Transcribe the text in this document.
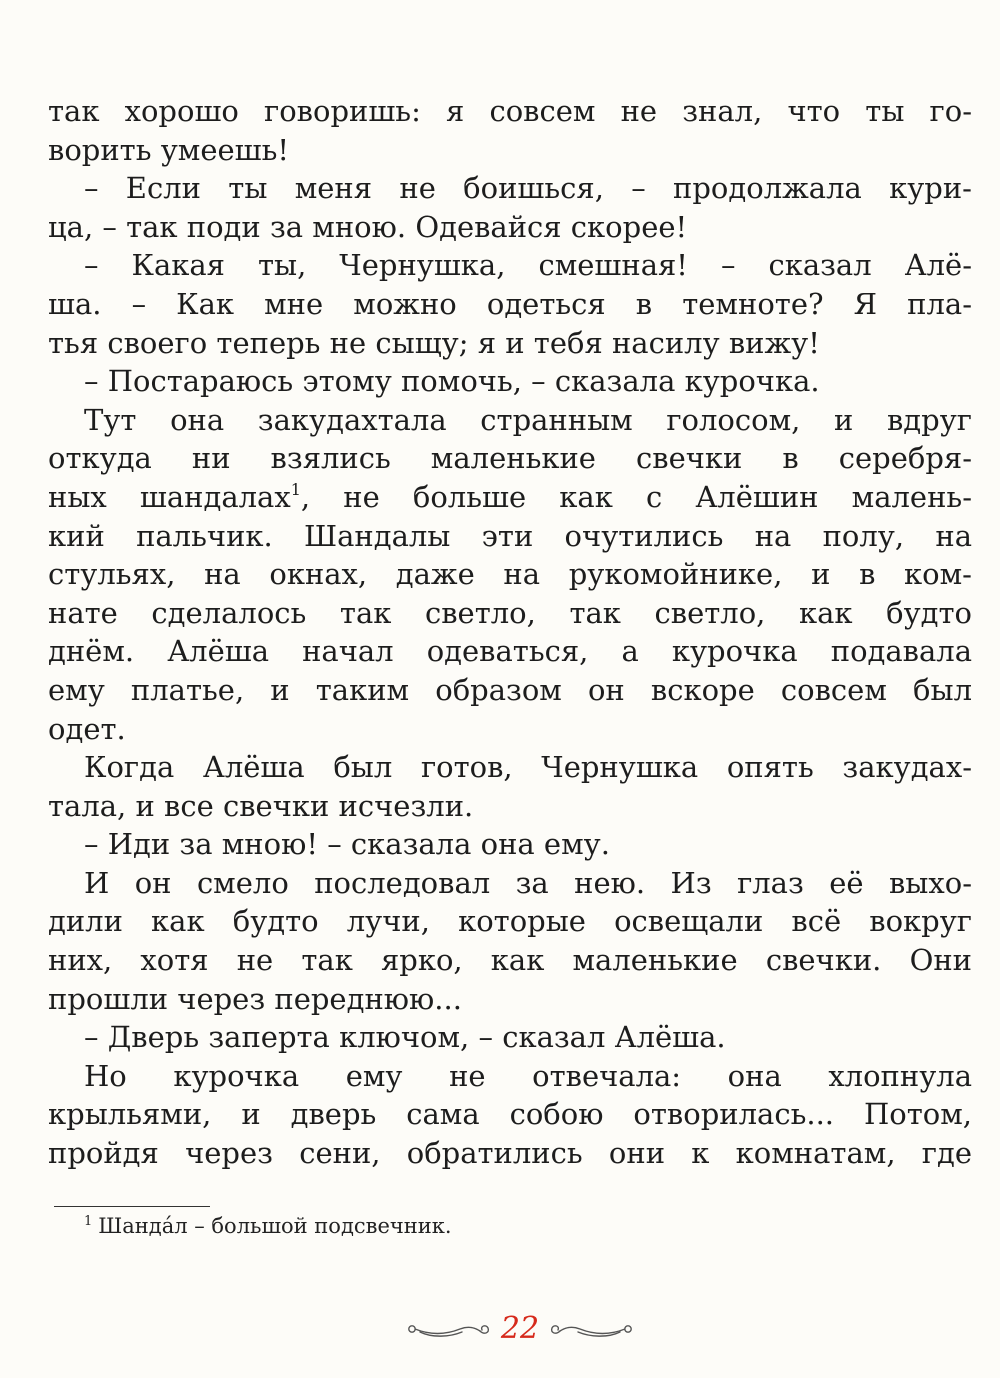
так хорошо говоришь: я совсем не знал, что ты го-
ворить умеешь!
– Если ты меня не боишься, – продолжала кури-
ца, – так поди за мною. Одевайся скорее!
– Какая ты, Чернушка, смешная! – сказал Алё-
ша. – Как мне можно одеться в темноте? Я пла-
тья своего теперь не сыщу; я и тебя насилу вижу!
– Постараюсь этому помочь, – сказала курочка.
Тут она закудахтала странным голосом, и вдруг
откуда ни взялись маленькие свечки в серебря-
ных шандалах$^1$, не больше как с Алёшин малень-
кий пальчик. Шандалы эти очутились на полу, на
стульях, на окнах, даже на рукомойнике, и в ком-
нате сделалось так светло, так светло, как будто
днём. Алёша начал одеваться, а курочка подавала
ему платье, и таким образом он вскоре совсем был
одет.
Когда Алёша был готов, Чернушка опять закудах-
тала, и все свечки исчезли.
– Иди за мною! – сказала она ему.
И он смело последовал за нею. Из глаз её выхо-
дили как будто лучи, которые освещали всё вокруг
них, хотя не так ярко, как маленькие свечки. Они
прошли через переднюю...
– Дверь заперта ключом, – сказал Алёша.
Но курочка ему не отвечала: она хлопнула
крыльями, и дверь сама собою отворилась... Потом,
пройдя через сени, обратились они к комнатам, где
$^1$ Шанда́л – большой подсвечник.
22
